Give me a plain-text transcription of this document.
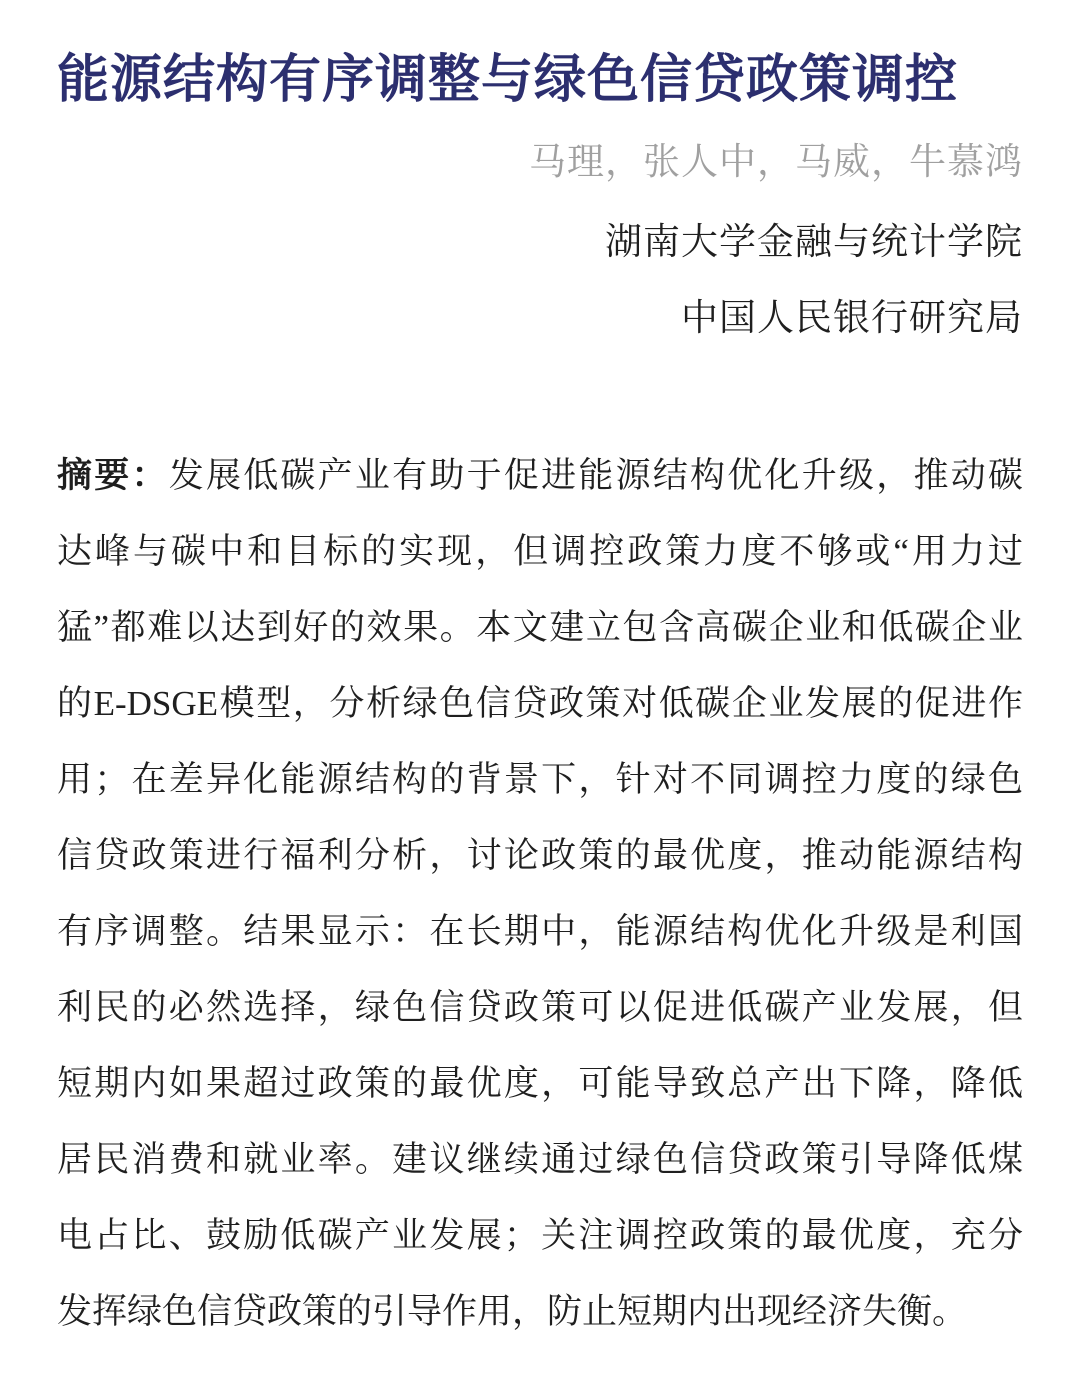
能源结构有序调整与绿色信贷政策调控
马理，张人中，马威，牛慕鸿
湖南大学金融与统计学院
中国人民银行研究局
摘要：发展低碳产业有助于促进能源结构优化升级，推动碳
达峰与碳中和目标的实现，但调控政策力度不够或“用力过
猛”都难以达到好的效果。本文建立包含高碳企业和低碳企业
的E-DSGE模型，分析绿色信贷政策对低碳企业发展的促进作
用；在差异化能源结构的背景下，针对不同调控力度的绿色
信贷政策进行福利分析，讨论政策的最优度，推动能源结构
有序调整。结果显示：在长期中，能源结构优化升级是利国
利民的必然选择，绿色信贷政策可以促进低碳产业发展，但
短期内如果超过政策的最优度，可能导致总产出下降，降低
居民消费和就业率。建议继续通过绿色信贷政策引导降低煤
电占比、鼓励低碳产业发展；关注调控政策的最优度，充分
发挥绿色信贷政策的引导作用，防止短期内出现经济失衡。
